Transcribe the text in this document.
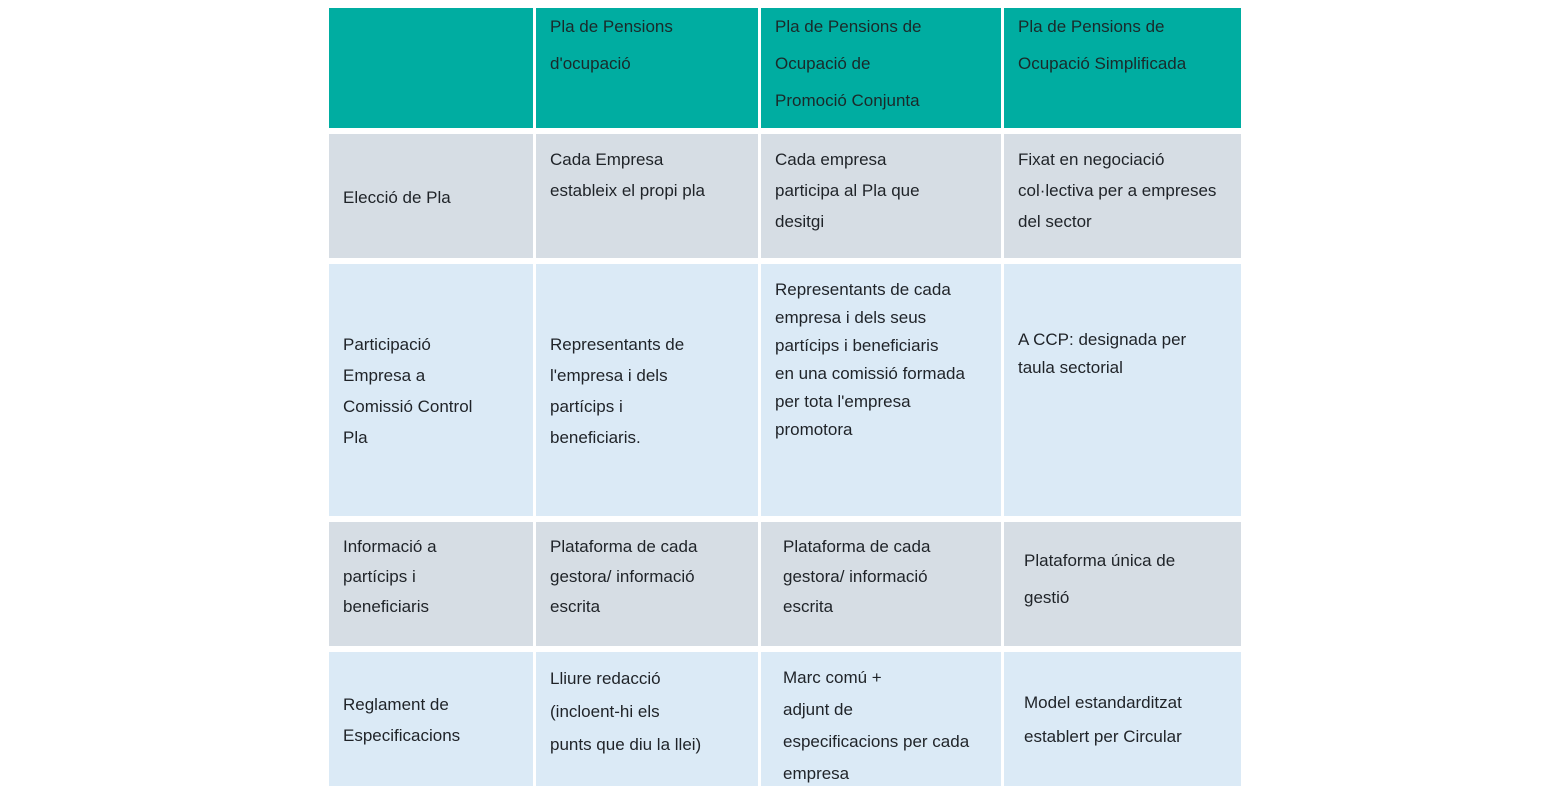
Pla de Pensions
d'ocupació
Pla de Pensions de
Ocupació de
Promoció Conjunta
Pla de Pensions de
Ocupació Simplificada
Elecció de Pla
Cada Empresa
estableix el propi pla
Cada empresa
participa al Pla que
desitgi
Fixat en negociació
col·lectiva per a empreses
del sector
Participació
Empresa a
Comissió Control
Pla
Representants de
l'empresa i dels
partícips i
beneficiaris.
Representants de cada
empresa i dels seus
partícips i beneficiaris
en una comissió formada
per tota l'empresa
promotora
A CCP: designada per
taula sectorial
Informació a
partícips i
beneficiaris
Plataforma de cada
gestora/ informació
escrita
Plataforma de cada
gestora/ informació
escrita
Plataforma única de
gestió
Reglament de
Especificacions
Lliure redacció
(incloent-hi els
punts que diu la llei)
Marc comú +
adjunt de
especificacions per cada
empresa
Model estandarditzat
establert per Circular
